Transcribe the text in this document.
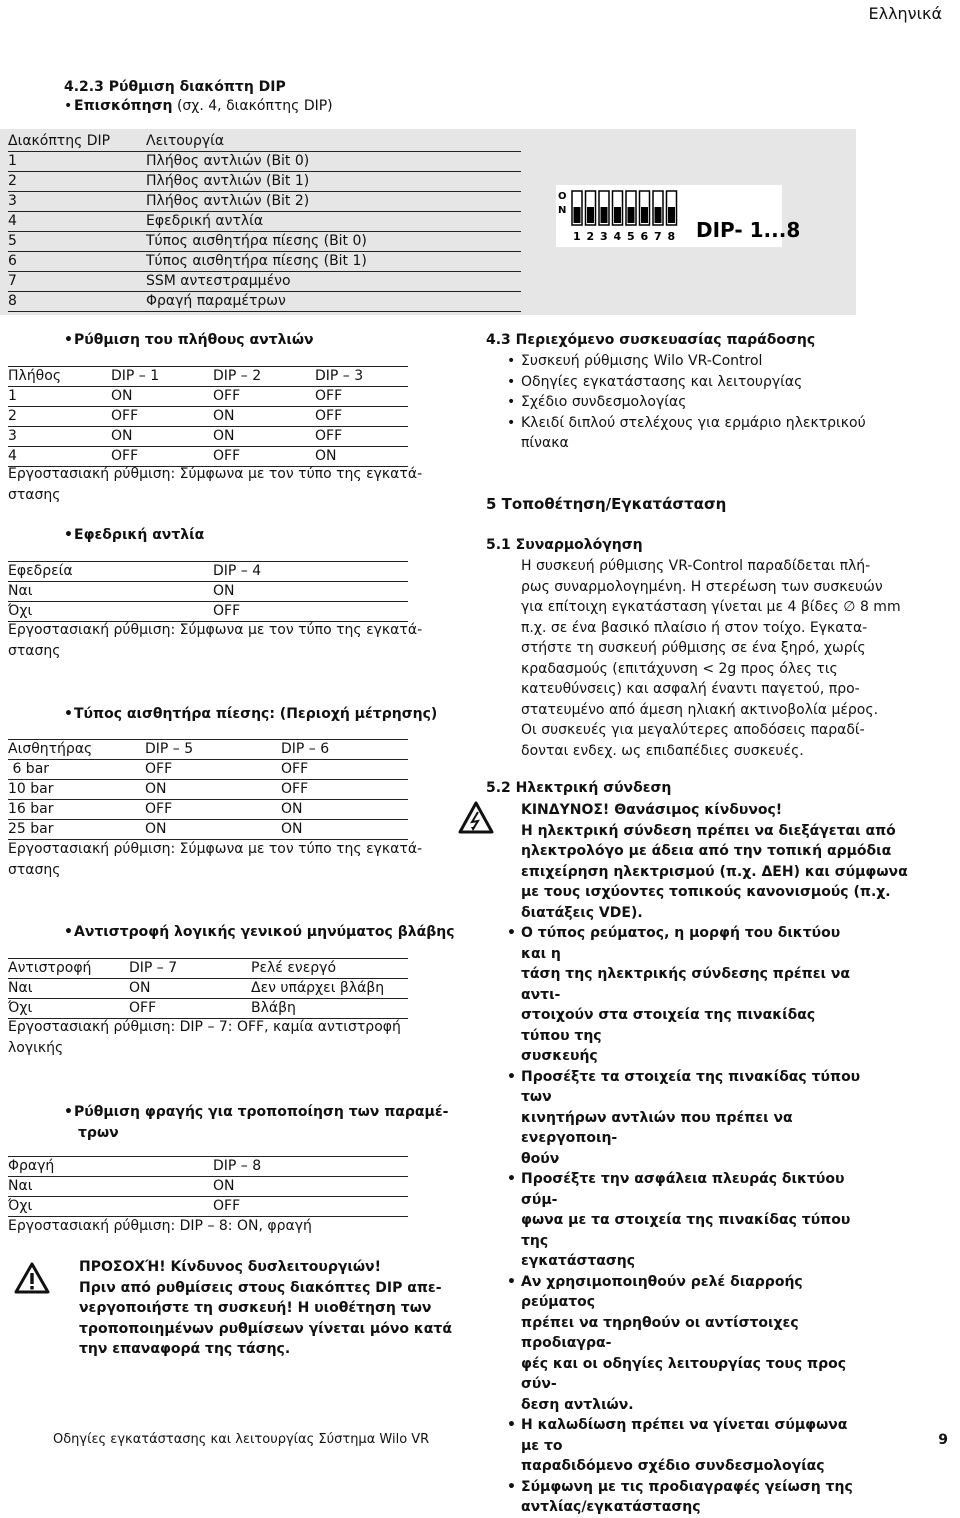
Ελληνικά
4.2.3 Ρύθμιση διακόπτη DIP
• Επισκόπηση (σχ. 4, διακόπτης DIP)
Διακόπτης DIP	Λειτουργία
1	Πλήθος αντλιών (Bit 0)
2	Πλήθος αντλιών (Bit 1)
3	Πλήθος αντλιών (Bit 2)
4	Εφεδρική αντλία
5	Τύπος αισθητήρα πίεσης (Bit 0)
6	Τύπος αισθητήρα πίεσης (Bit 1)
7	SSM αντεστραμμένο
8	Φραγή παραμέτρων
O
N
1 2 3 4 5 6 7 8 DIP- 1...8
•Ρύθμιση του πλήθους αντλιών
Πλήθος	DIP – 1	DIP – 2	DIP – 3
1	ON	OFF	OFF
2	OFF	ON	OFF
3	ON	ON	OFF
4	OFF	OFF	ON
Εργοστασιακή ρύθμιση: Σύμφωνα με τον τύπο της εγκατά-
στασης
•Εφεδρική αντλία
Εφεδρεία	DIP – 4
Ναι	ON
Όχι	OFF
Εργοστασιακή ρύθμιση: Σύμφωνα με τον τύπο της εγκατά-
στασης
•Τύπος αισθητήρα πίεσης: (Περιοχή μέτρησης)
Αισθητήρας	DIP – 5	DIP – 6
6 bar	OFF	OFF
10 bar	ON	OFF
16 bar	OFF	ON
25 bar	ON	ON
Εργοστασιακή ρύθμιση: Σύμφωνα με τον τύπο της εγκατά-
στασης
•Αντιστροφή λογικής γενικού μηνύματος βλάβης
Αντιστροφή	DIP – 7	Ρελέ ενεργό
Ναι	ON	Δεν υπάρχει βλάβη
Όχι	OFF	Βλάβη
Εργοστασιακή ρύθμιση: DIP – 7: OFF, καμία αντιστροφή
λογικής
•Ρύθμιση φραγής για τροποποίηση των παραμέ-
τρων
Φραγή	DIP – 8
Ναι	ON
Όχι	OFF
Εργοστασιακή ρύθμιση: DIP – 8: ON, φραγή
ΠΡΟΣΟΧΉ! Κίνδυνος δυσλειτουργιών!
Πριν από ρυθμίσεις στους διακόπτες DIP απε-
νεργοποιήστε τη συσκευή! Η υιοθέτηση των
τροποποιημένων ρυθμίσεων γίνεται μόνο κατά
την επαναφορά της τάσης.
4.3 Περιεχόμενο συσκευασίας παράδοσης
• Συσκευή ρύθμισης Wilo VR-Control
• Οδηγίες εγκατάστασης και λειτουργίας
• Σχέδιο συνδεσμολογίας
• Κλειδί διπλού στελέχους για ερμάριο ηλεκτρικού
πίνακα
5 Τοποθέτηση/Εγκατάσταση
5.1 Συναρμολόγηση
Η συσκευή ρύθμισης VR-Control παραδίδεται πλή-
ρως συναρμολογημένη. Η στερέωση των συσκευών
για επίτοιχη εγκατάσταση γίνεται με 4 βίδες ∅ 8 mm
π.χ. σε ένα βασικό πλαίσιο ή στον τοίχο. Εγκατα-
στήστε τη συσκευή ρύθμισης σε ένα ξηρό, χωρίς
κραδασμούς (επιτάχυνση < 2g προς όλες τις
κατευθύνσεις) και ασφαλή έναντι παγετού, προ-
στατευμένο από άμεση ηλιακή ακτινοβολία μέρος.
Οι συσκευές για μεγαλύτερες αποδόσεις παραδί-
δονται ενδεχ. ως επιδαπέδιες συσκευές.
5.2 Ηλεκτρική σύνδεση
ΚΙΝΔΥΝΟΣ! Θανάσιμος κίνδυνος!
Η ηλεκτρική σύνδεση πρέπει να διεξάγεται από
ηλεκτρολόγο με άδεια από την τοπική αρμόδια
επιχείρηση ηλεκτρισμού (π.χ. ΔΕΗ) και σύμφωνα
με τους ισχύοντες τοπικούς κανονισμούς (π.χ.
διατάξεις VDE).
• Ο τύπος ρεύματος, η μορφή του δικτύου και η
τάση της ηλεκτρικής σύνδεσης πρέπει να αντι-
στοιχούν στα στοιχεία της πινακίδας τύπου της
συσκευής
• Προσέξτε τα στοιχεία της πινακίδας τύπου των
κινητήρων αντλιών που πρέπει να ενεργοποιη-
θούν
• Προσέξτε την ασφάλεια πλευράς δικτύου σύμ-
φωνα με τα στοιχεία της πινακίδας τύπου της
εγκατάστασης
• Αν χρησιμοποιηθούν ρελέ διαρροής ρεύματος
πρέπει να τηρηθούν οι αντίστοιχες προδιαγρα-
φές και οι οδηγίες λειτουργίας τους προς σύν-
δεση αντλιών.
• Η καλωδίωση πρέπει να γίνεται σύμφωνα με το
παραδιδόμενο σχέδιο συνδεσμολογίας
• Σύμφωνη με τις προδιαγραφές γείωση της
αντλίας/εγκατάστασης
Οδηγίες εγκατάστασης και λειτουργίας Σύστημα Wilo VR	9
